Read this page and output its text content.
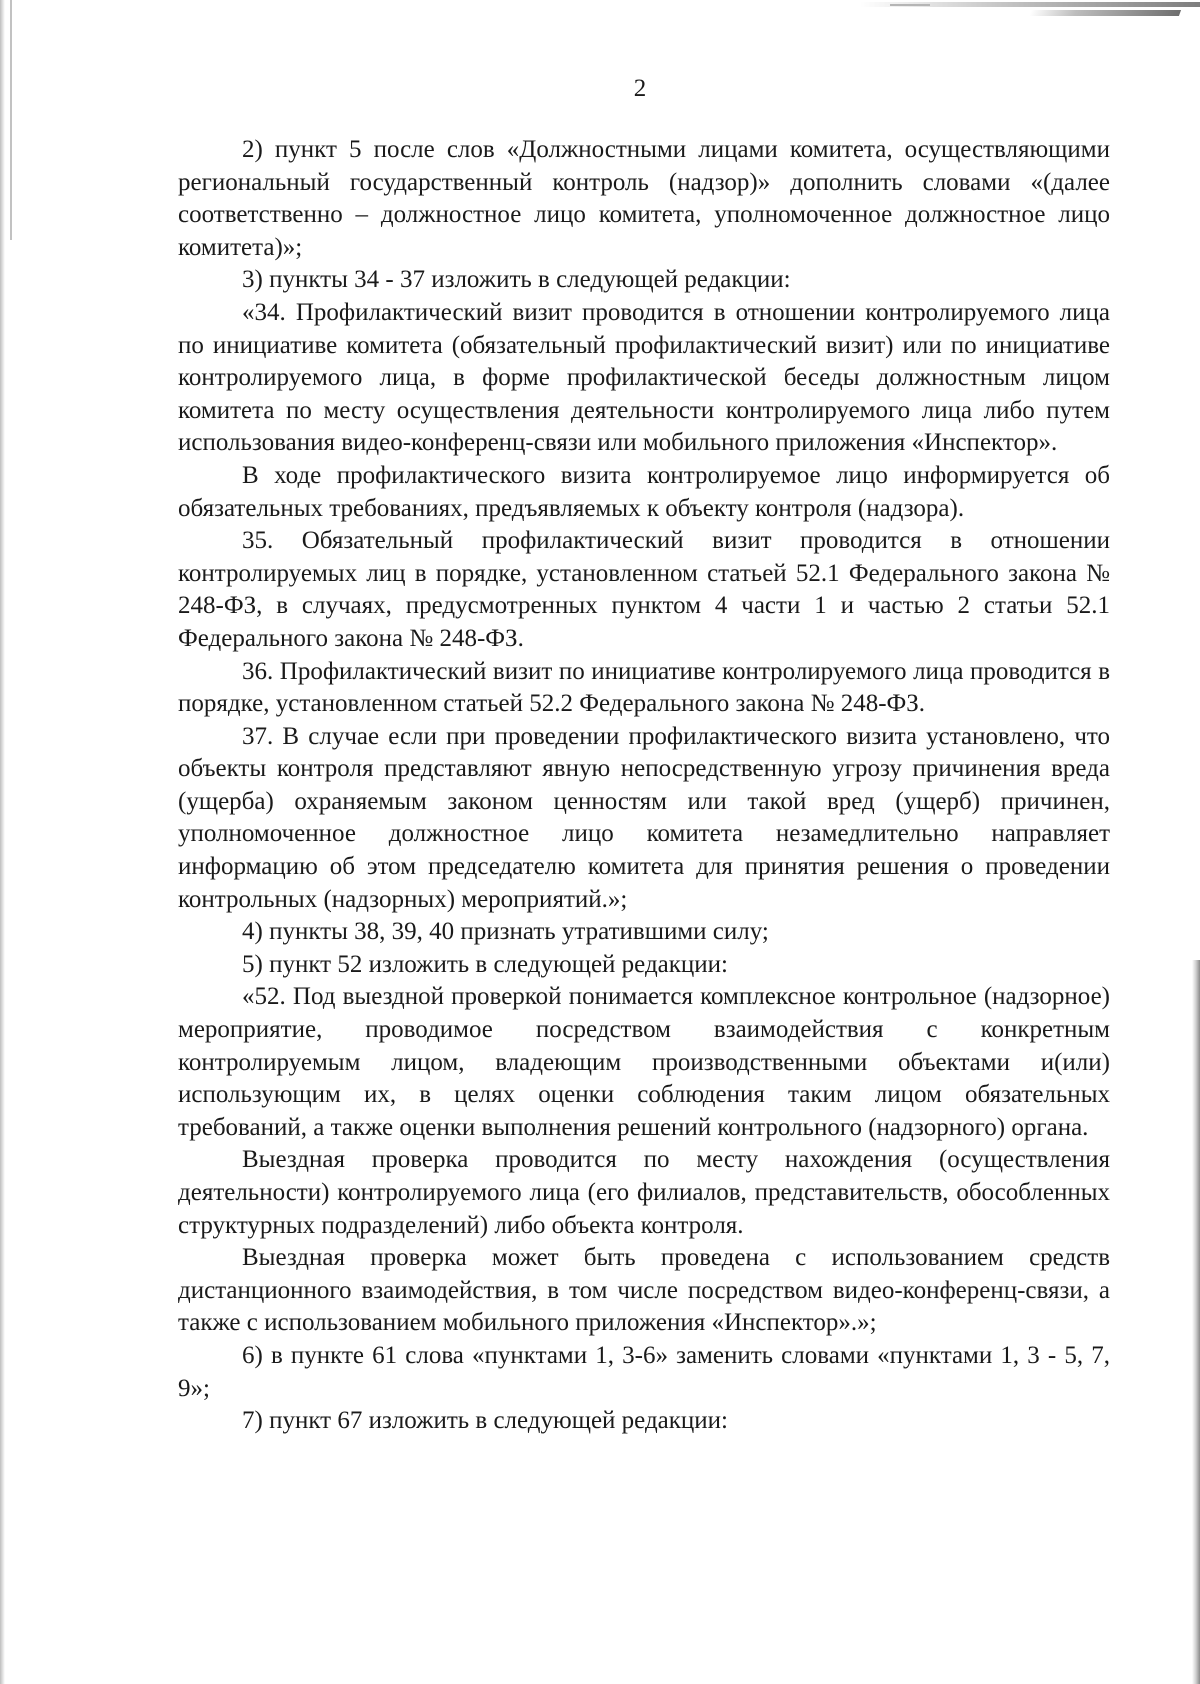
2

2) пункт 5 после слов «Должностными лицами комитета, осуществляющими региональный государственный контроль (надзор)» дополнить словами «(далее соответственно – должностное лицо комитета, уполномоченное должностное лицо комитета)»;

3) пункты 34 - 37 изложить в следующей редакции:

«34. Профилактический визит проводится в отношении контролируемого лица по инициативе комитета (обязательный профилактический визит) или по инициативе контролируемого лица, в форме профилактической беседы должностным лицом комитета по месту осуществления деятельности контролируемого лица либо путем использования видео-конференц-связи или мобильного приложения «Инспектор».

В ходе профилактического визита контролируемое лицо информируется об обязательных требованиях, предъявляемых к объекту контроля (надзора).

35. Обязательный профилактический визит проводится в отношении контролируемых лиц в порядке, установленном статьей 52.1 Федерального закона № 248-ФЗ, в случаях, предусмотренных пунктом 4 части 1 и частью 2 статьи 52.1 Федерального закона № 248-ФЗ.

36. Профилактический визит по инициативе контролируемого лица проводится в порядке, установленном статьей 52.2 Федерального закона № 248-ФЗ.

37. В случае если при проведении профилактического визита установлено, что объекты контроля представляют явную непосредственную угрозу причинения вреда (ущерба) охраняемым законом ценностям или такой вред (ущерб) причинен, уполномоченное должностное лицо комитета незамедлительно направляет информацию об этом председателю комитета для принятия решения о проведении контрольных (надзорных) мероприятий.»;

4) пункты 38, 39, 40 признать утратившими силу;

5) пункт 52 изложить в следующей редакции:

«52. Под выездной проверкой понимается комплексное контрольное (надзорное) мероприятие, проводимое посредством взаимодействия с конкретным контролируемым лицом, владеющим производственными объектами и(или) использующим их, в целях оценки соблюдения таким лицом обязательных требований, а также оценки выполнения решений контрольного (надзорного) органа.

Выездная проверка проводится по месту нахождения (осуществления деятельности) контролируемого лица (его филиалов, представительств, обособленных структурных подразделений) либо объекта контроля.

Выездная проверка может быть проведена с использованием средств дистанционного взаимодействия, в том числе посредством видео-конференц-связи, а также с использованием мобильного приложения «Инспектор».»;

6) в пункте 61 слова «пунктами 1, 3-6» заменить словами «пунктами 1, 3 - 5, 7, 9»;

7) пункт 67 изложить в следующей редакции:
